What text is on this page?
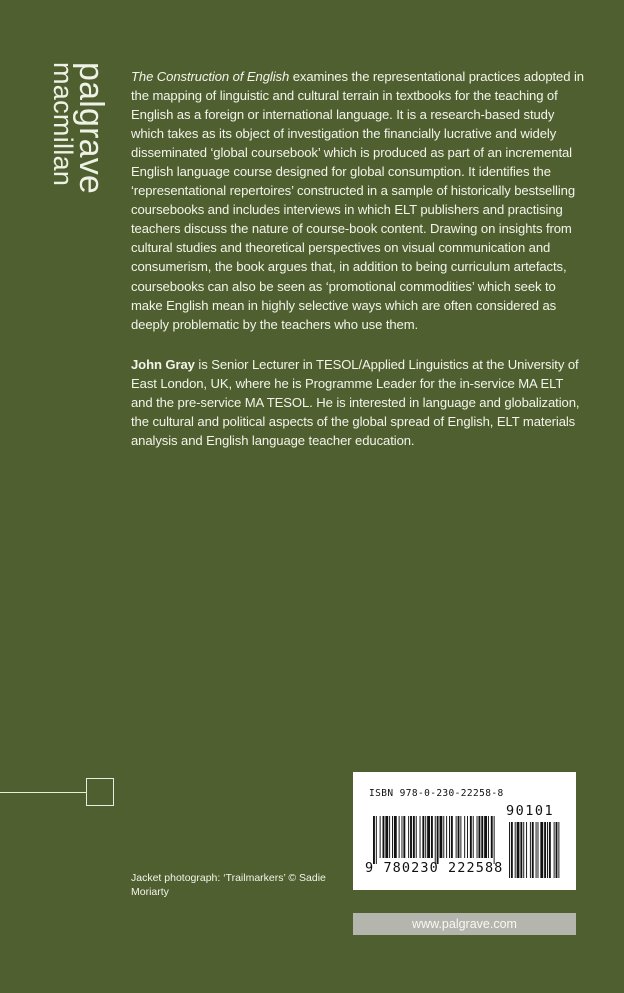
palgrave
macmillan	The Construction of English examines the representational practices adopted in the mapping of linguistic and cultural terrain in textbooks for the teaching of English as a foreign or international language. It is a research-based study which takes as its object of investigation the financially lucrative and widely disseminated ‘global coursebook’ which is produced as part of an incremental English language course designed for global consumption. It identifies the ‘representational repertoires’ constructed in a sample of historically bestselling coursebooks and includes interviews in which ELT publishers and practising teachers discuss the nature of course-book content. Drawing on insights from cultural studies and theoretical perspectives on visual communication and consumerism, the book argues that, in addition to being curriculum artefacts, coursebooks can also be seen as ‘promotional commodities’ which seek to make English mean in highly selective ways which are often considered as deeply problematic by the teachers who use them.

John Gray is Senior Lecturer in TESOL/Applied Linguistics at the University of East London, UK, where he is Programme Leader for the in-service MA ELT and the pre-service MA TESOL. He is interested in language and globalization, the cultural and political aspects of the global spread of English, ELT materials analysis and English language teacher education.

Jacket photograph: ‘Trailmarkers’ © Sadie Moriarty
ISBN 978-0-230-22258-8
9 780230 222588
90101
www.palgrave.com
